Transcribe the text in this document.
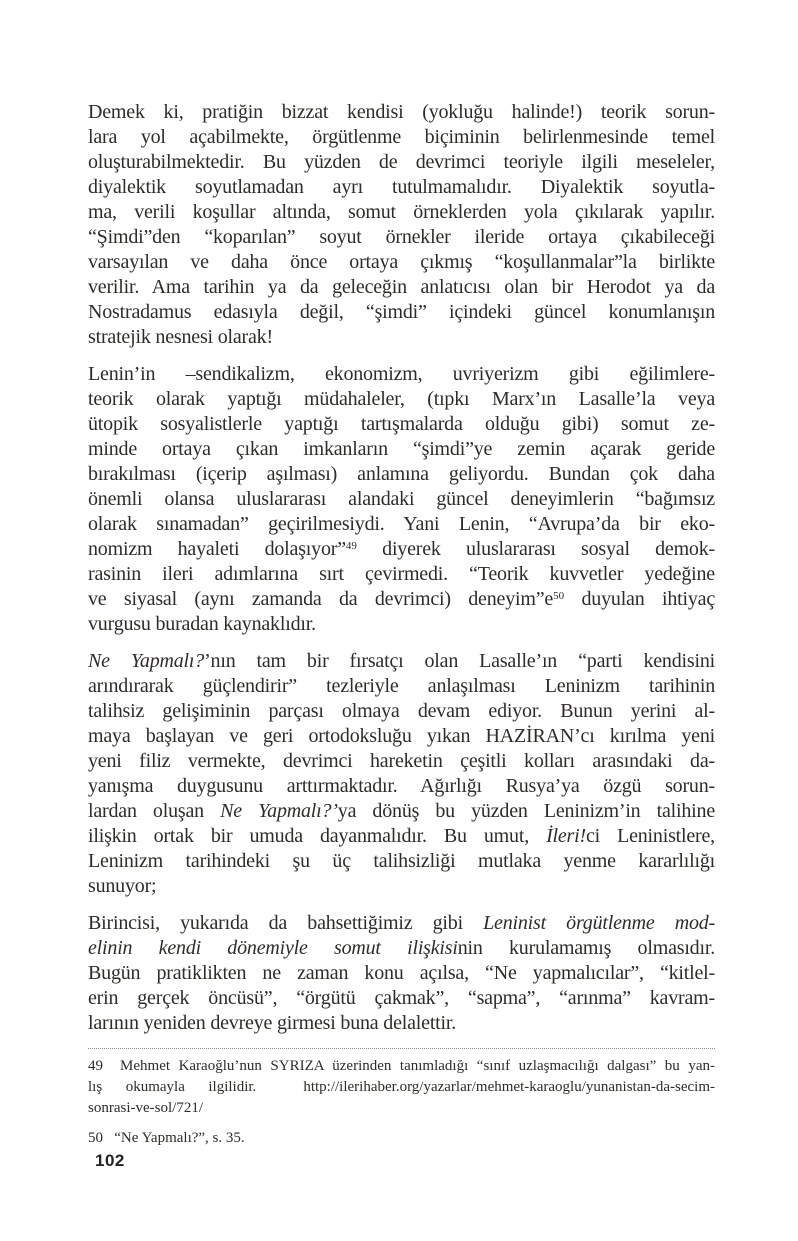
Demek ki, pratiğin bizzat kendisi (yokluğu halinde!) teorik sorun-
lara yol açabilmekte, örgütlenme biçiminin belirlenmesinde temel
oluşturabilmektedir. Bu yüzden de devrimci teoriyle ilgili meseleler,
diyalektik soyutlamadan ayrı tutulmamalıdır. Diyalektik soyutla-
ma, verili koşullar altında, somut örneklerden yola çıkılarak yapılır.
“Şimdi”den “koparılan” soyut örnekler ileride ortaya çıkabileceği
varsayılan ve daha önce ortaya çıkmış “koşullanmalar”la birlikte
verilir. Ama tarihin ya da geleceğin anlatıcısı olan bir Herodot ya da
Nostradamus edasıyla değil, “şimdi” içindeki güncel konumlanışın
stratejik nesnesi olarak!
Lenin’in –sendikalizm, ekonomizm, uvriyerizm gibi eğilimlere-
teorik olarak yaptığı müdahaleler, (tıpkı Marx’ın Lasalle’la veya
ütopik sosyalistlerle yaptığı tartışmalarda olduğu gibi) somut ze-
minde ortaya çıkan imkanların “şimdi”ye zemin açarak geride
bırakılması (içerip aşılması) anlamına geliyordu. Bundan çok daha
önemli olansa uluslararası alandaki güncel deneyimlerin “bağımsız
olarak sınamadan” geçirilmesiydi. Yani Lenin, “Avrupa’da bir eko-
nomizm hayaleti dolaşıyor”$^{49}$ diyerek uluslararası sosyal demok-
rasinin ileri adımlarına sırt çevirmedi. “Teorik kuvvetler yedeğine
ve siyasal (aynı zamanda da devrimci) $deneyim”e^{50}$ duyulan ihtiyaç
vurgusu buradan kaynaklıdır.
Ne Yapmalı?’nın tam bir fırsatçı olan Lasalle’ın “parti kendisini
arındırarak güçlendirir” tezleriyle anlaşılması Leninizm tarihinin
talihsiz gelişiminin parçası olmaya devam ediyor. Bunun yerini al-
maya başlayan ve geri ortodoksluğu yıkan HAZİRAN’cı kırılma yeni
yeni filiz vermekte, devrimci hareketin çeşitli kolları arasındaki da-
yanışma duygusunu arttırmaktadır. Ağırlığı Rusya’ya özgü sorun-
lardan oluşan Ne Yapmalı?’ya dönüş bu yüzden Leninizm’in talihine
ilişkin ortak bir umuda dayanmalıdır. Bu umut, İleri!ci Leninistlere,
Leninizm tarihindeki şu üç talihsizliği mutlaka yenme kararlılığı
sunuyor;
Birincisi, yukarıda da bahsettiğimiz gibi Leninist örgütlenme mod-
elinin kendi dönemiyle somut ilişkisinin kurulamamış olmasıdır.
Bugün pratiklikten ne zaman konu açılsa, “Ne yapmalıcılar”, “kitlel-
erin gerçek öncüsü”, “örgütü çakmak”, “sapma”, “arınma” kavram-
larının yeniden devreye girmesi buna delalettir.
49  Mehmet Karaoğlu’nun SYRIZA üzerinden tanımladığı “sınıf uzlaşmacılığı dalgası” bu yan-
lış okumayla ilgilidir.  http://ilerihaber.org/yazarlar/mehmet-karaoglu/yunanistan-da-secim-
sonrasi-ve-sol/721/
50   “Ne Yapmalı?”, s. 35.
102
